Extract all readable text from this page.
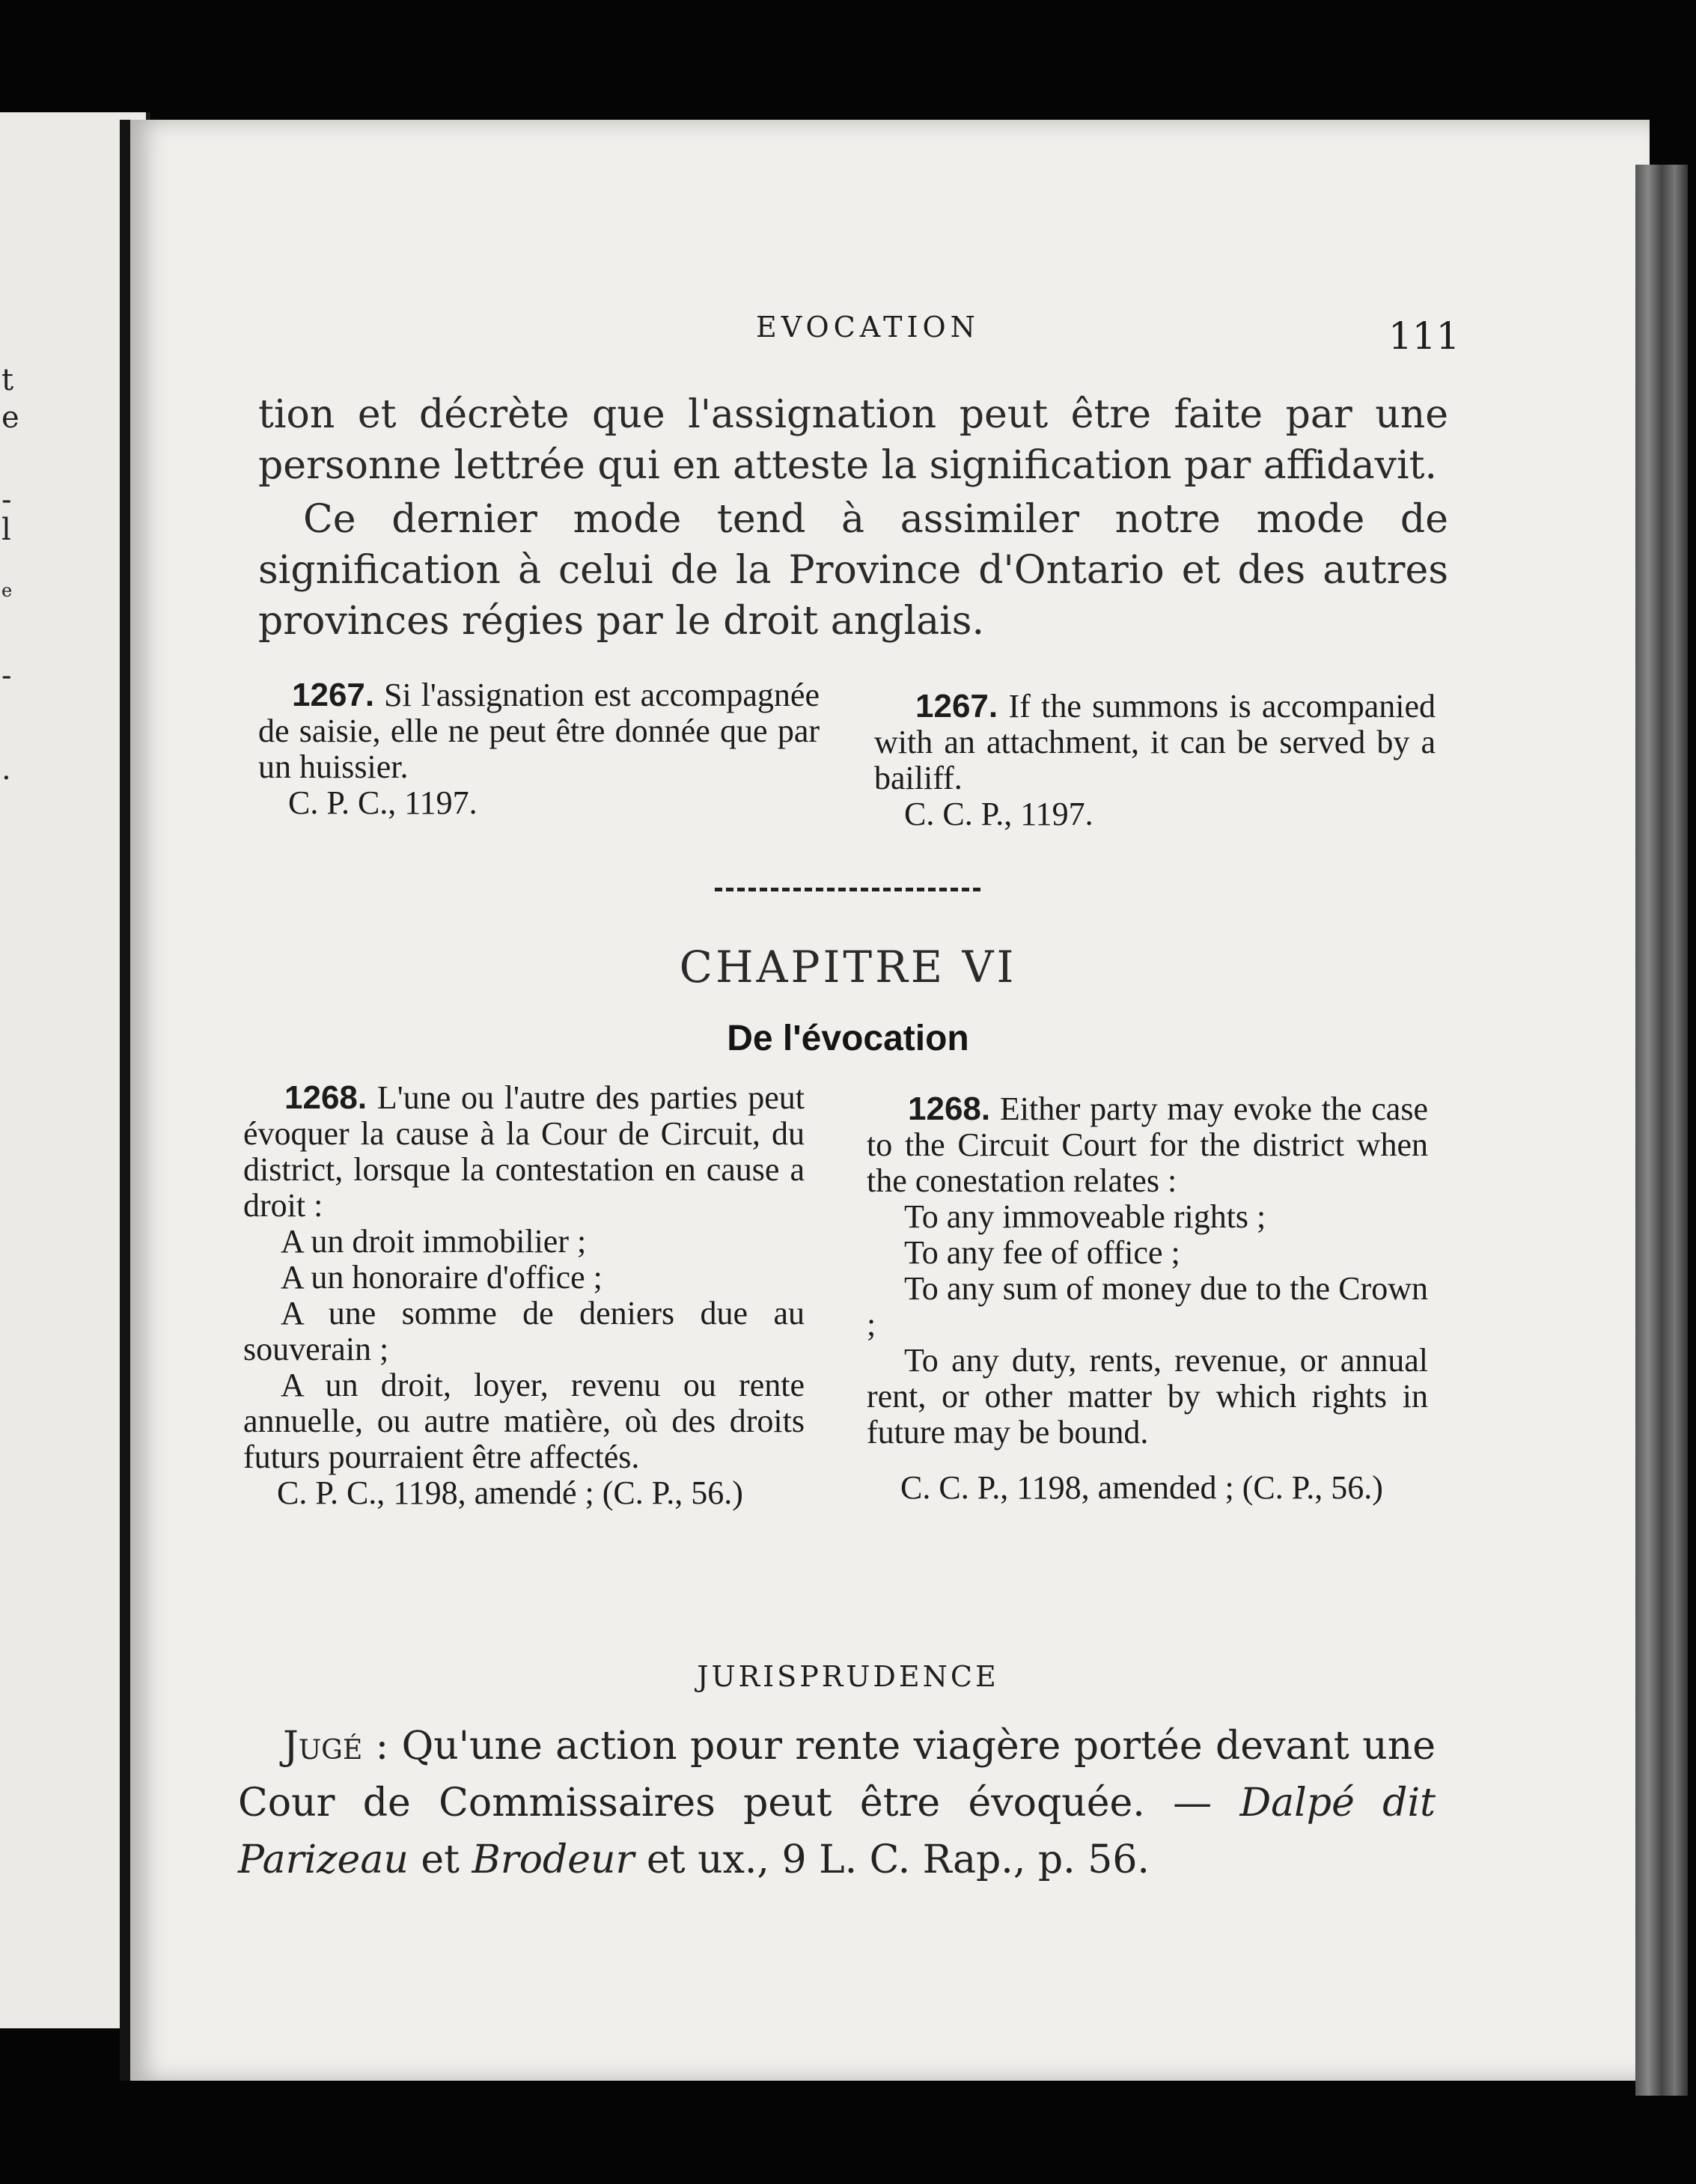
t
e
-
l
e
-
.
EVOCATION	111

tion et décrète que l'assignation peut être faite par une personne lettrée qui en atteste la signification par affidavit.

Ce dernier mode tend à assimiler notre mode de signification à celui de la Province d'Ontario et des autres provinces régies par le droit anglais.

1267. Si l'assignation est accompagnée de saisie, elle ne peut être donnée que par un huissier.

C. P. C., 1197.

1267. If the summons is accompanied with an attachment, it can be served by a bailiff.

C. C. P., 1197.

CHAPITRE VI
De l'évocation

1268. L'une ou l'autre des parties peut évoquer la cause à la Cour de Circuit, du district, lorsque la contestation en cause a droit :

A un droit immobilier ;

A un honoraire d'office ;

A une somme de deniers due au souverain ;

A un droit, loyer, revenu ou rente annuelle, ou autre matière, où des droits futurs pourraient être affectés.

C. P. C., 1198, amendé ; (C. P., 56.)

1268. Either party may evoke the case to the Circuit Court for the district when the conestation relates :

To any immoveable rights ;

To any fee of office ;

To any sum of money due to the Crown ;

To any duty, rents, revenue, or annual rent, or other matter by which rights in future may be bound.

C. C. P., 1198, amended ; (C. P., 56.)

JURISPRUDENCE

Jugé : Qu'une action pour rente viagère portée devant une Cour de Commissaires peut être évoquée. — Dalpé dit Parizeau et Brodeur et ux., 9 L. C. Rap., p. 56.
